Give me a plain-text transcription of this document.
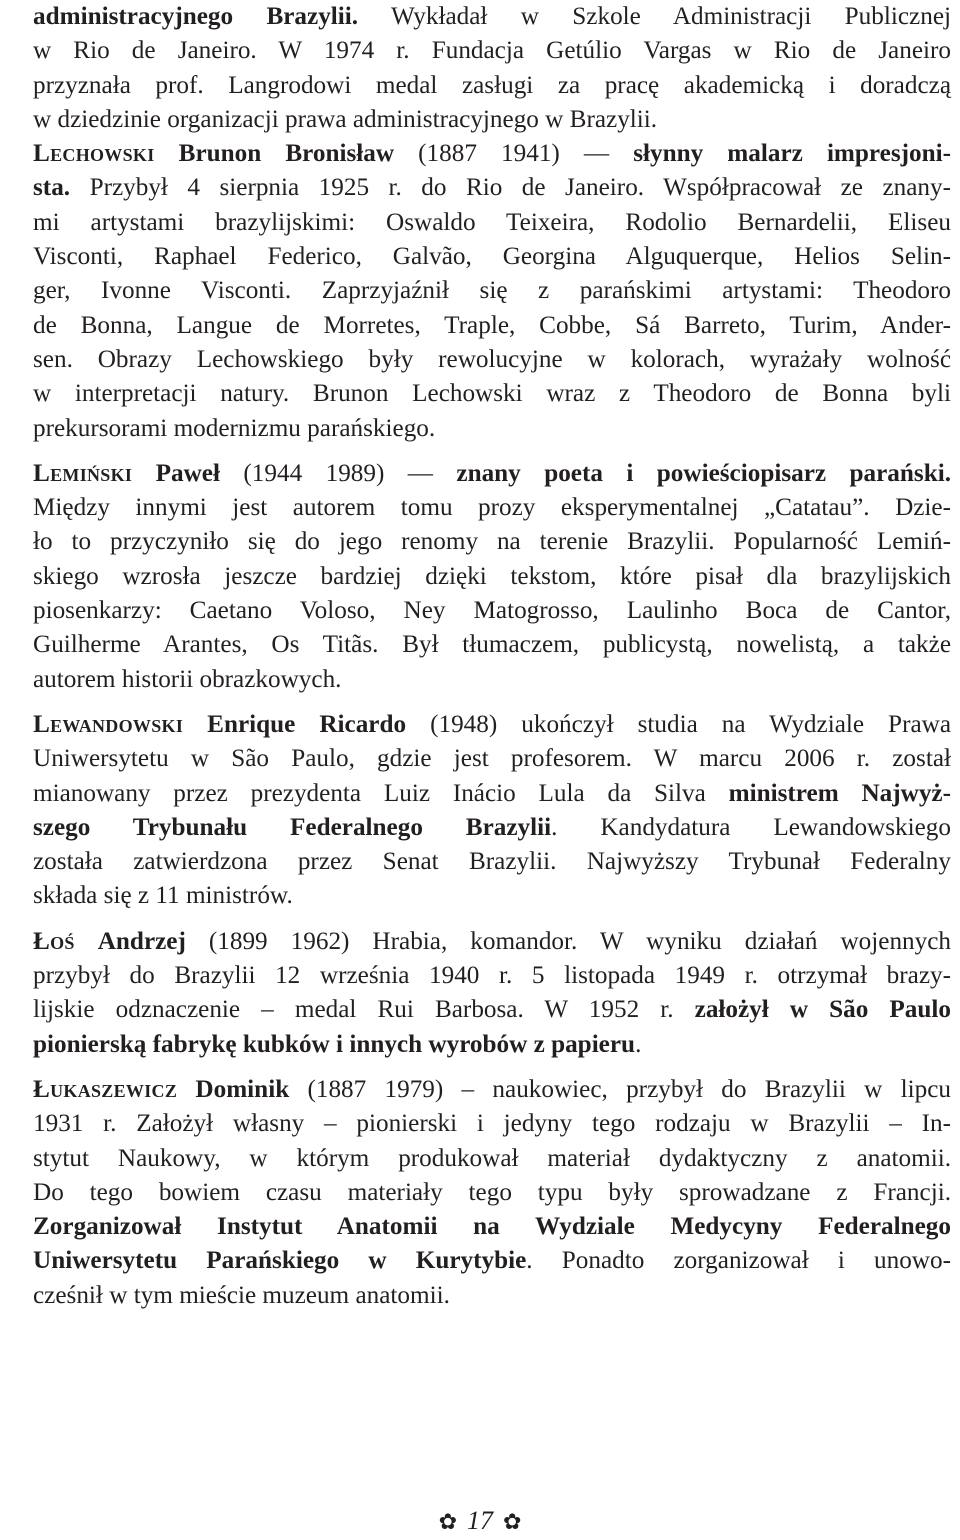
administracyjnego Brazylii. Wykładał w Szkole Administracji Publicznej
w Rio de Janeiro. W 1974 r. Fundacja Getúlio Vargas w Rio de Janeiro
przyznała prof. Langrodowi medal zasługi za pracę akademicką i doradczą
w dziedzinie organizacji prawa administracyjnego w Brazylii.
Lechowski Brunon Bronisław (1887 1941) — słynny malarz impresjoni-
sta. Przybył 4 sierpnia 1925 r. do Rio de Janeiro. Współpracował ze znany-
mi artystami brazylijskimi: Oswaldo Teixeira, Rodolio Bernardelii, Eliseu
Visconti, Raphael Federico, Galvão, Georgina Alguquerque, Helios Selin-
ger, Ivonne Visconti. Zaprzyjaźnił się z parańskimi artystami: Theodoro
de Bonna, Langue de Morretes, Traple, Cobbe, Sá Barreto, Turim, Ander-
sen. Obrazy Lechowskiego były rewolucyjne w kolorach, wyrażały wolność
w interpretacji natury. Brunon Lechowski wraz z Theodoro de Bonna byli
prekursorami modernizmu parańskiego.
Lemiński Paweł (1944 1989) — znany poeta i powieściopisarz parański.
Między innymi jest autorem tomu prozy eksperymentalnej „Catatau”. Dzie-
ło to przyczyniło się do jego renomy na terenie Brazylii. Popularność Lemiń-
skiego wzrosła jeszcze bardziej dzięki tekstom, które pisał dla brazylijskich
piosenkarzy: Caetano Voloso, Ney Matogrosso, Laulinho Boca de Cantor,
Guilherme Arantes, Os Titãs. Był tłumaczem, publicystą, nowelistą, a także
autorem historii obrazkowych.
Lewandowski Enrique Ricardo (1948) ukończył studia na Wydziale Prawa
Uniwersytetu w São Paulo, gdzie jest profesorem. W marcu 2006 r. został
mianowany przez prezydenta Luiz Inácio Lula da Silva ministrem Najwyż-
szego Trybunału Federalnego Brazylii. Kandydatura Lewandowskiego
została zatwierdzona przez Senat Brazylii. Najwyższy Trybunał Federalny
składa się z 11 ministrów.
Łoś Andrzej (1899 1962) Hrabia, komandor. W wyniku działań wojennych
przybył do Brazylii 12 września 1940 r. 5 listopada 1949 r. otrzymał brazy-
lijskie odznaczenie – medal Rui Barbosa. W 1952 r. założył w São Paulo
pionierską fabrykę kubków i innych wyrobów z papieru.
Łukaszewicz Dominik (1887 1979) – naukowiec, przybył do Brazylii w lipcu
1931 r. Założył własny – pionierski i jedyny tego rodzaju w Brazylii – In-
stytut Naukowy, w którym produkował materiał dydaktyczny z anatomii.
Do tego bowiem czasu materiały tego typu były sprowadzane z Francji.
Zorganizował Instytut Anatomii na Wydziale Medycyny Federalnego
Uniwersytetu Parańskiego w Kurytybie. Ponadto zorganizował i unowo-
cześnił w tym mieście muzeum anatomii.
✿ 17 ✿
